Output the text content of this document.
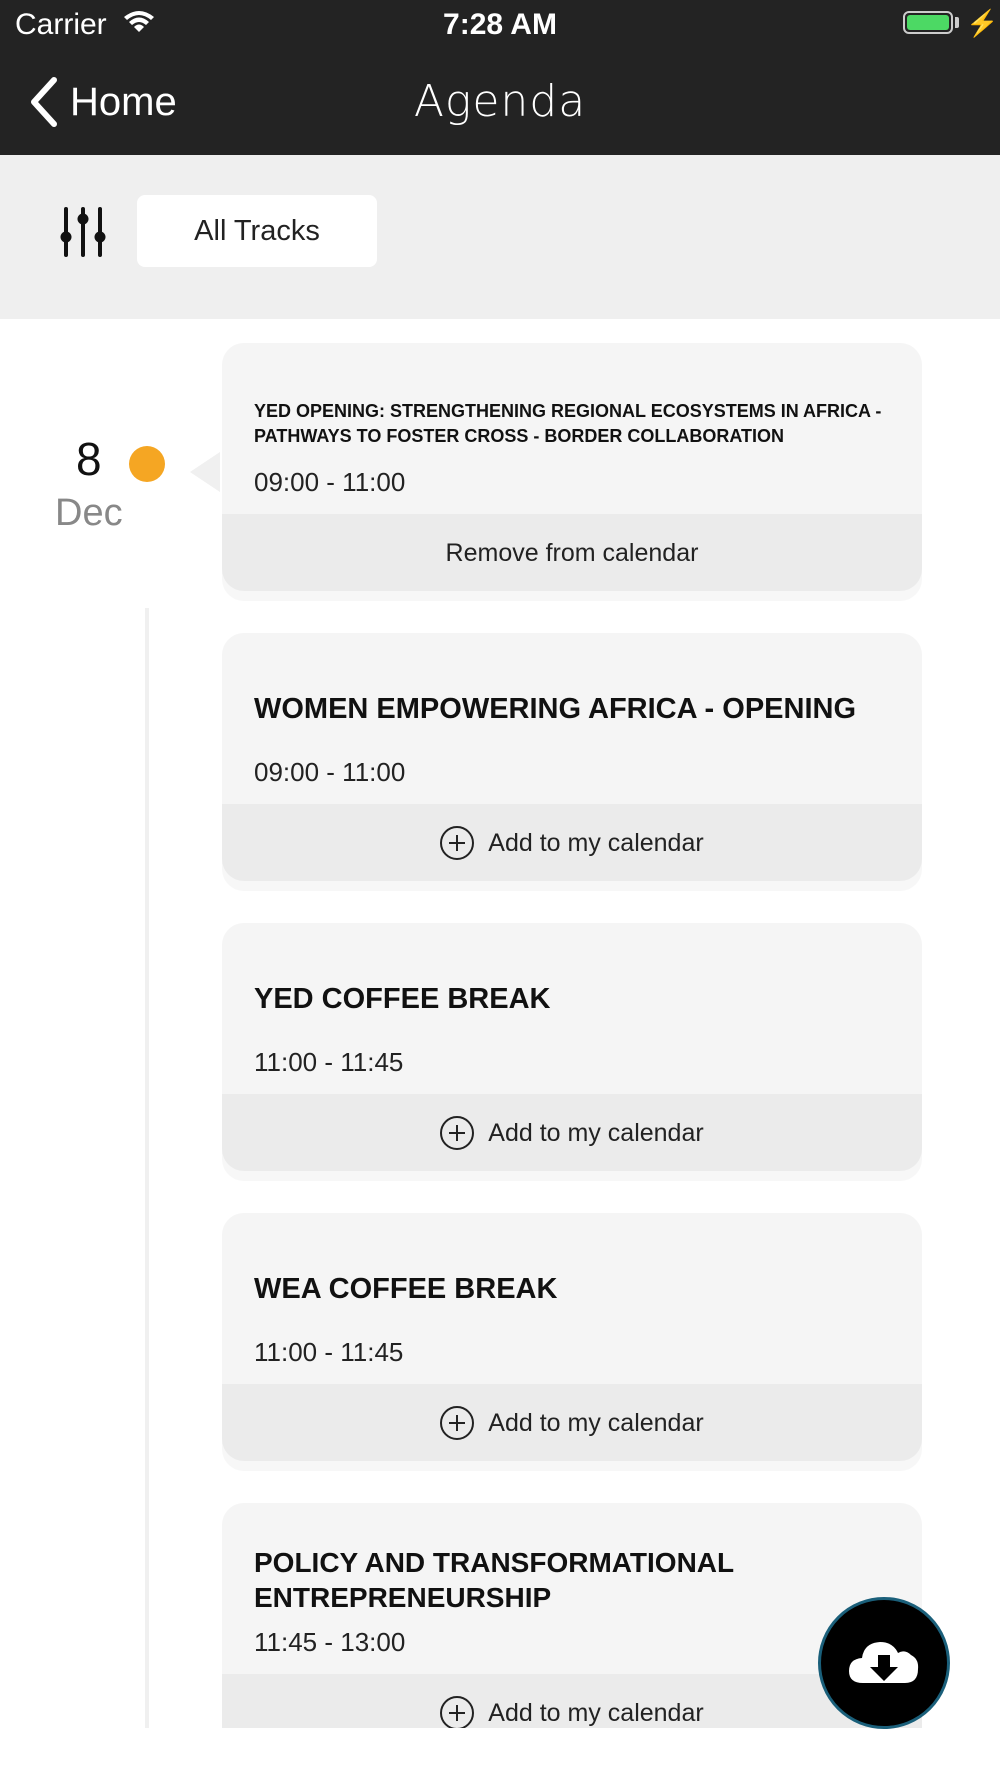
Carrier	7:28 AM	⚡
Home	Agenda
All Tracks
8
Dec
YED OPENING: STRENGTHENING REGIONAL ECOSYSTEMS IN AFRICA - PATHWAYS TO FOSTER CROSS - BORDER COLLABORATION
09:00 - 11:00
Remove from calendar
WOMEN EMPOWERING AFRICA - OPENING
09:00 - 11:00
Add to my calendar
YED COFFEE BREAK
11:00 - 11:45
Add to my calendar
WEA COFFEE BREAK
11:00 - 11:45
Add to my calendar
POLICY AND TRANSFORMATIONAL ENTREPRENEURSHIP
11:45 - 13:00
Add to my calendar
